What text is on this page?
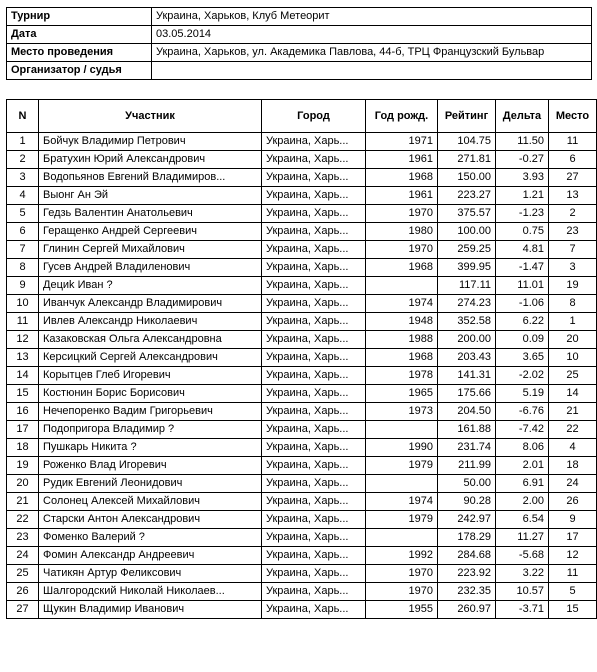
Турнир	Украина, Харьков, Клуб Метеорит
Дата	03.05.2014
Место проведения	Украина, Харьков, ул. Академика Павлова, 44-б, ТРЦ Французский Бульвар
Организатор / судья	
N	Участник	Город	Год рожд.	Рейтинг	Дельта	Место
1	Бойчук Владимир Петрович	Украина, Харь...	1971	104.75	11.50	11
2	Братухин Юрий Александрович	Украина, Харь...	1961	271.81	-0.27	6
3	Водопьянов Евгений Владимиров...	Украина, Харь...	1968	150.00	3.93	27
4	Выонг Ан Эй	Украина, Харь...	1961	223.27	1.21	13
5	Гедзь Валентин Анатольевич	Украина, Харь...	1970	375.57	-1.23	2
6	Геращенко Андрей Сергеевич	Украина, Харь...	1980	100.00	0.75	23
7	Глинин Сергей Михайлович	Украина, Харь...	1970	259.25	4.81	7
8	Гусев Андрей Владиленович	Украина, Харь...	1968	399.95	-1.47	3
9	Дециk Иван ?	Украина, Харь...		117.11	11.01	19
10	Иванчук Александр Владимирович	Украина, Харь...	1974	274.23	-1.06	8
11	Ивлев Александр Николаевич	Украина, Харь...	1948	352.58	6.22	1
12	Казаковская Ольга Александровна	Украина, Харь...	1988	200.00	0.09	20
13	Керсицкий Сергей Александрович	Украина, Харь...	1968	203.43	3.65	10
14	Корытцев Глеб Игоревич	Украина, Харь...	1978	141.31	-2.02	25
15	Костюнин Борис Борисович	Украина, Харь...	1965	175.66	5.19	14
16	Нечепоренко Вадим Григорьевич	Украина, Харь...	1973	204.50	-6.76	21
17	Подопригора Владимир ?	Украина, Харь...		161.88	-7.42	22
18	Пушкарь Никита ?	Украина, Харь...	1990	231.74	8.06	4
19	Роженко Влад Игоревич	Украина, Харь...	1979	211.99	2.01	18
20	Рудик Евгений Леонидович	Украина, Харь...		50.00	6.91	24
21	Солонец Алексей Михайлович	Украина, Харь...	1974	90.28	2.00	26
22	Старски Антон Александрович	Украина, Харь...	1979	242.97	6.54	9
23	Фоменко Валерий ?	Украина, Харь...		178.29	11.27	17
24	Фомин Александр Андреевич	Украина, Харь...	1992	284.68	-5.68	12
25	Чатикян Артур Феликсович	Украина, Харь...	1970	223.92	3.22	11
26	Шалгородский Николай Николаев...	Украина, Харь...	1970	232.35	10.57	5
27	Щукин Владимир Иванович	Украина, Харь...	1955	260.97	-3.71	15
